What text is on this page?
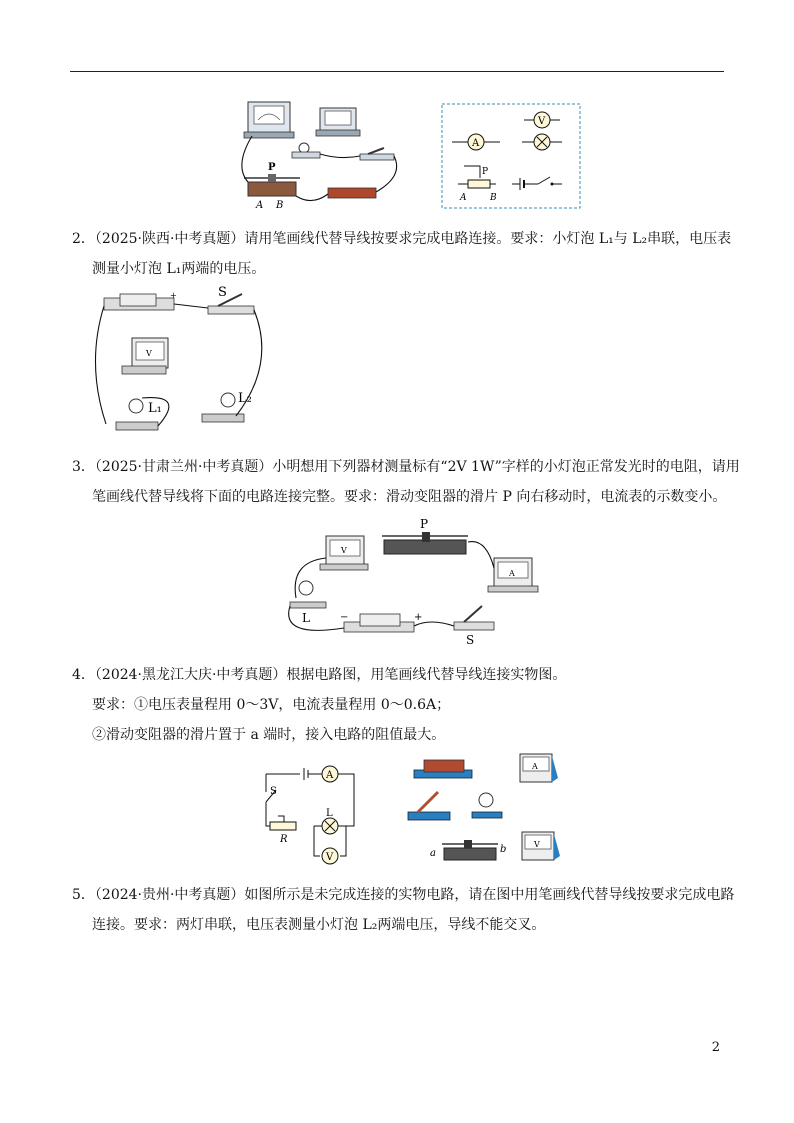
P
A B
A
V
P
A	B
2．（2025·陕西·中考真题）请用笔画线代替导线按要求完成电路连接。要求：小灯泡 L₁与 L₂串联，电压表
测量小灯泡 L₁两端的电压。
+	S
V
L₁
L₂
3．（2025·甘肃兰州·中考真题）小明想用下列器材测量标有“2V 1W”字样的小灯泡正常发光时的电阻，请用
笔画线代替导线将下面的电路连接完整。要求：滑动变阻器的滑片 P 向右移动时，电流表的示数变小。
V
P
A
L	−	+
S
4．（2024·黑龙江大庆·中考真题）根据电路图，用笔画线代替导线连接实物图。
要求：①电压表量程用 0～3V，电流表量程用 0～0.6A；
②滑动变阻器的滑片置于 a 端时，接入电路的阻值最大。
A
S
L
R
V
A
a	b	V
5．（2024·贵州·中考真题）如图所示是未完成连接的实物电路，请在图中用笔画线代替导线按要求完成电路
连接。要求：两灯串联，电压表测量小灯泡 L₂两端电压，导线不能交叉。
2
